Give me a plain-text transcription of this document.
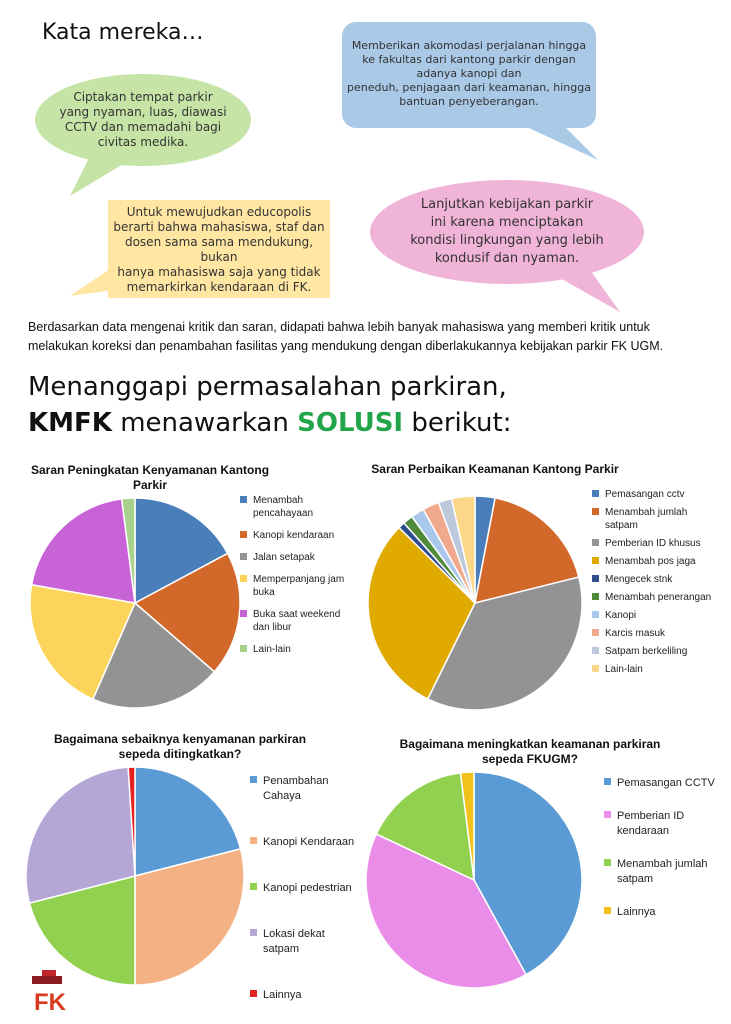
Kata mereka…
Ciptakan tempat parkir
yang nyaman, luas, diawasi
CCTV dan memadahi bagi
civitas medika.
Memberikan akomodasi perjalanan hingga
ke fakultas dari kantong parkir dengan
adanya kanopi dan
peneduh, penjagaan dari keamanan, hingga
bantuan penyeberangan.
Untuk mewujudkan educopolis
berarti bahwa mahasiswa, staf dan
dosen sama sama mendukung, bukan
hanya mahasiswa saja yang tidak
memarkirkan kendaraan di FK.
Lanjutkan kebijakan parkir
ini karena menciptakan
kondisi lingkungan yang lebih
kondusif dan nyaman.
Berdasarkan data mengenai kritik dan saran, didapati bahwa lebih banyak mahasiswa yang memberi kritik untuk melakukan koreksi dan penambahan fasilitas yang mendukung dengan diberlakukannya kebijakan parkir FK UGM.
Menanggapi permasalahan parkiran,
KMFK menawarkan SOLUSI berikut:
Saran Peningkatan Kenyamanan Kantong Parkir
Menambah pencahayaan
Kanopi kendaraan
Jalan setapak
Memperpanjang jam buka
Buka saat weekend dan libur
Lain-lain
Saran Perbaikan Keamanan Kantong Parkir
Pemasangan cctv
Menambah jumlah satpam
Pemberian ID khusus
Menambah pos jaga
Mengecek stnk
Menambah penerangan
Kanopi
Karcis masuk
Satpam berkeliling
Lain-lain
Bagaimana sebaiknya kenyamanan parkiran sepeda ditingkatkan?
Penambahan Cahaya
Kanopi Kendaraan
Kanopi pedestrian
Lokasi dekat satpam
Lainnya
Bagaimana meningkatkan keamanan parkiran sepeda FKUGM?
Pemasangan CCTV
Pemberian ID kendaraan
Menambah jumlah satpam
Lainnya
FK
